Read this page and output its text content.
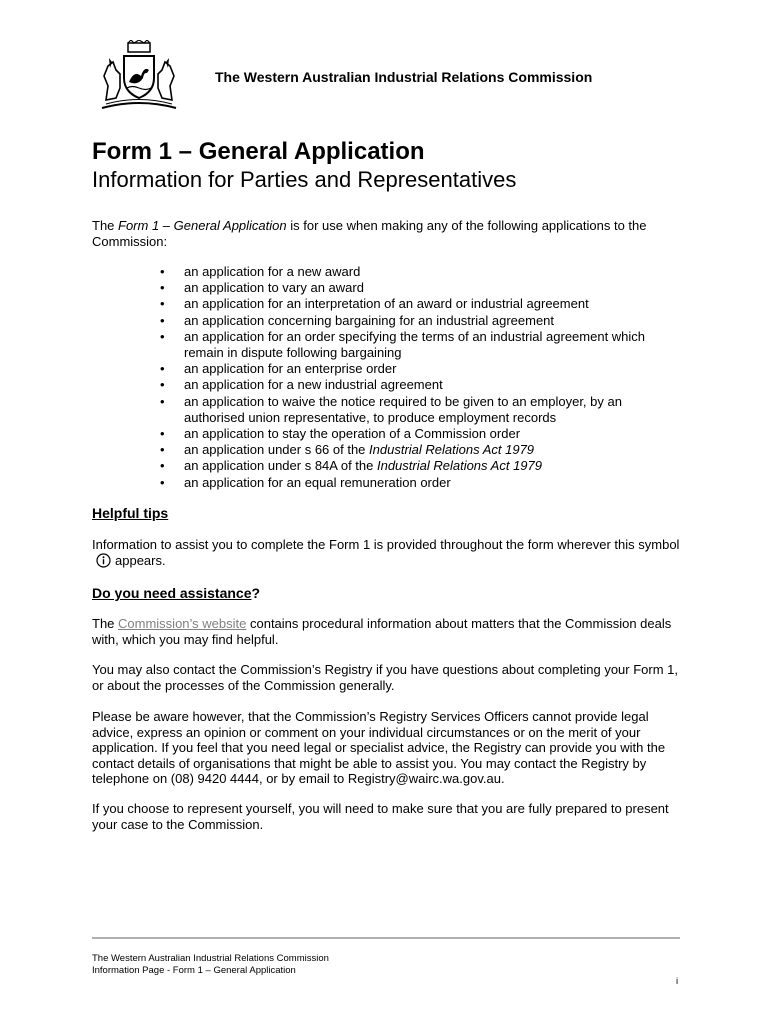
The Western Australian Industrial Relations Commission
Form 1 – General Application
Information for Parties and Representatives
The Form 1 – General Application is for use when making any of the following applications to the Commission:
• an application for a new award
• an application to vary an award
• an application for an interpretation of an award or industrial agreement
• an application concerning bargaining for an industrial agreement
• an application for an order specifying the terms of an industrial agreement which remain in dispute following bargaining
• an application for an enterprise order
• an application for a new industrial agreement
• an application to waive the notice required to be given to an employer, by an authorised union representative, to produce employment records
• an application to stay the operation of a Commission order
• an application under s 66 of the Industrial Relations Act 1979
• an application under s 84A of the Industrial Relations Act 1979
• an application for an equal remuneration order
Helpful tips
Information to assist you to complete the Form 1 is provided throughout the form wherever this symbolappears.
Do you need assistance?
The Commission’s website contains procedural information about matters that the Commission deals with, which you may find helpful.
You may also contact the Commission’s Registry if you have questions about completing your Form 1, or about the processes of the Commission generally.
Please be aware however, that the Commission’s Registry Services Officers cannot provide legal advice, express an opinion or comment on your individual circumstances or on the merit of your application. If you feel that you need legal or specialist advice, the Registry can provide you with the contact details of organisations that might be able to assist you. You may contact the Registry by telephone on (08) 9420 4444, or by email to Registry@wairc.wa.gov.au.
If you choose to represent yourself, you will need to make sure that you are fully prepared to present your case to the Commission.
The Western Australian Industrial Relations Commission
Information Page - Form 1 – General Application
i
